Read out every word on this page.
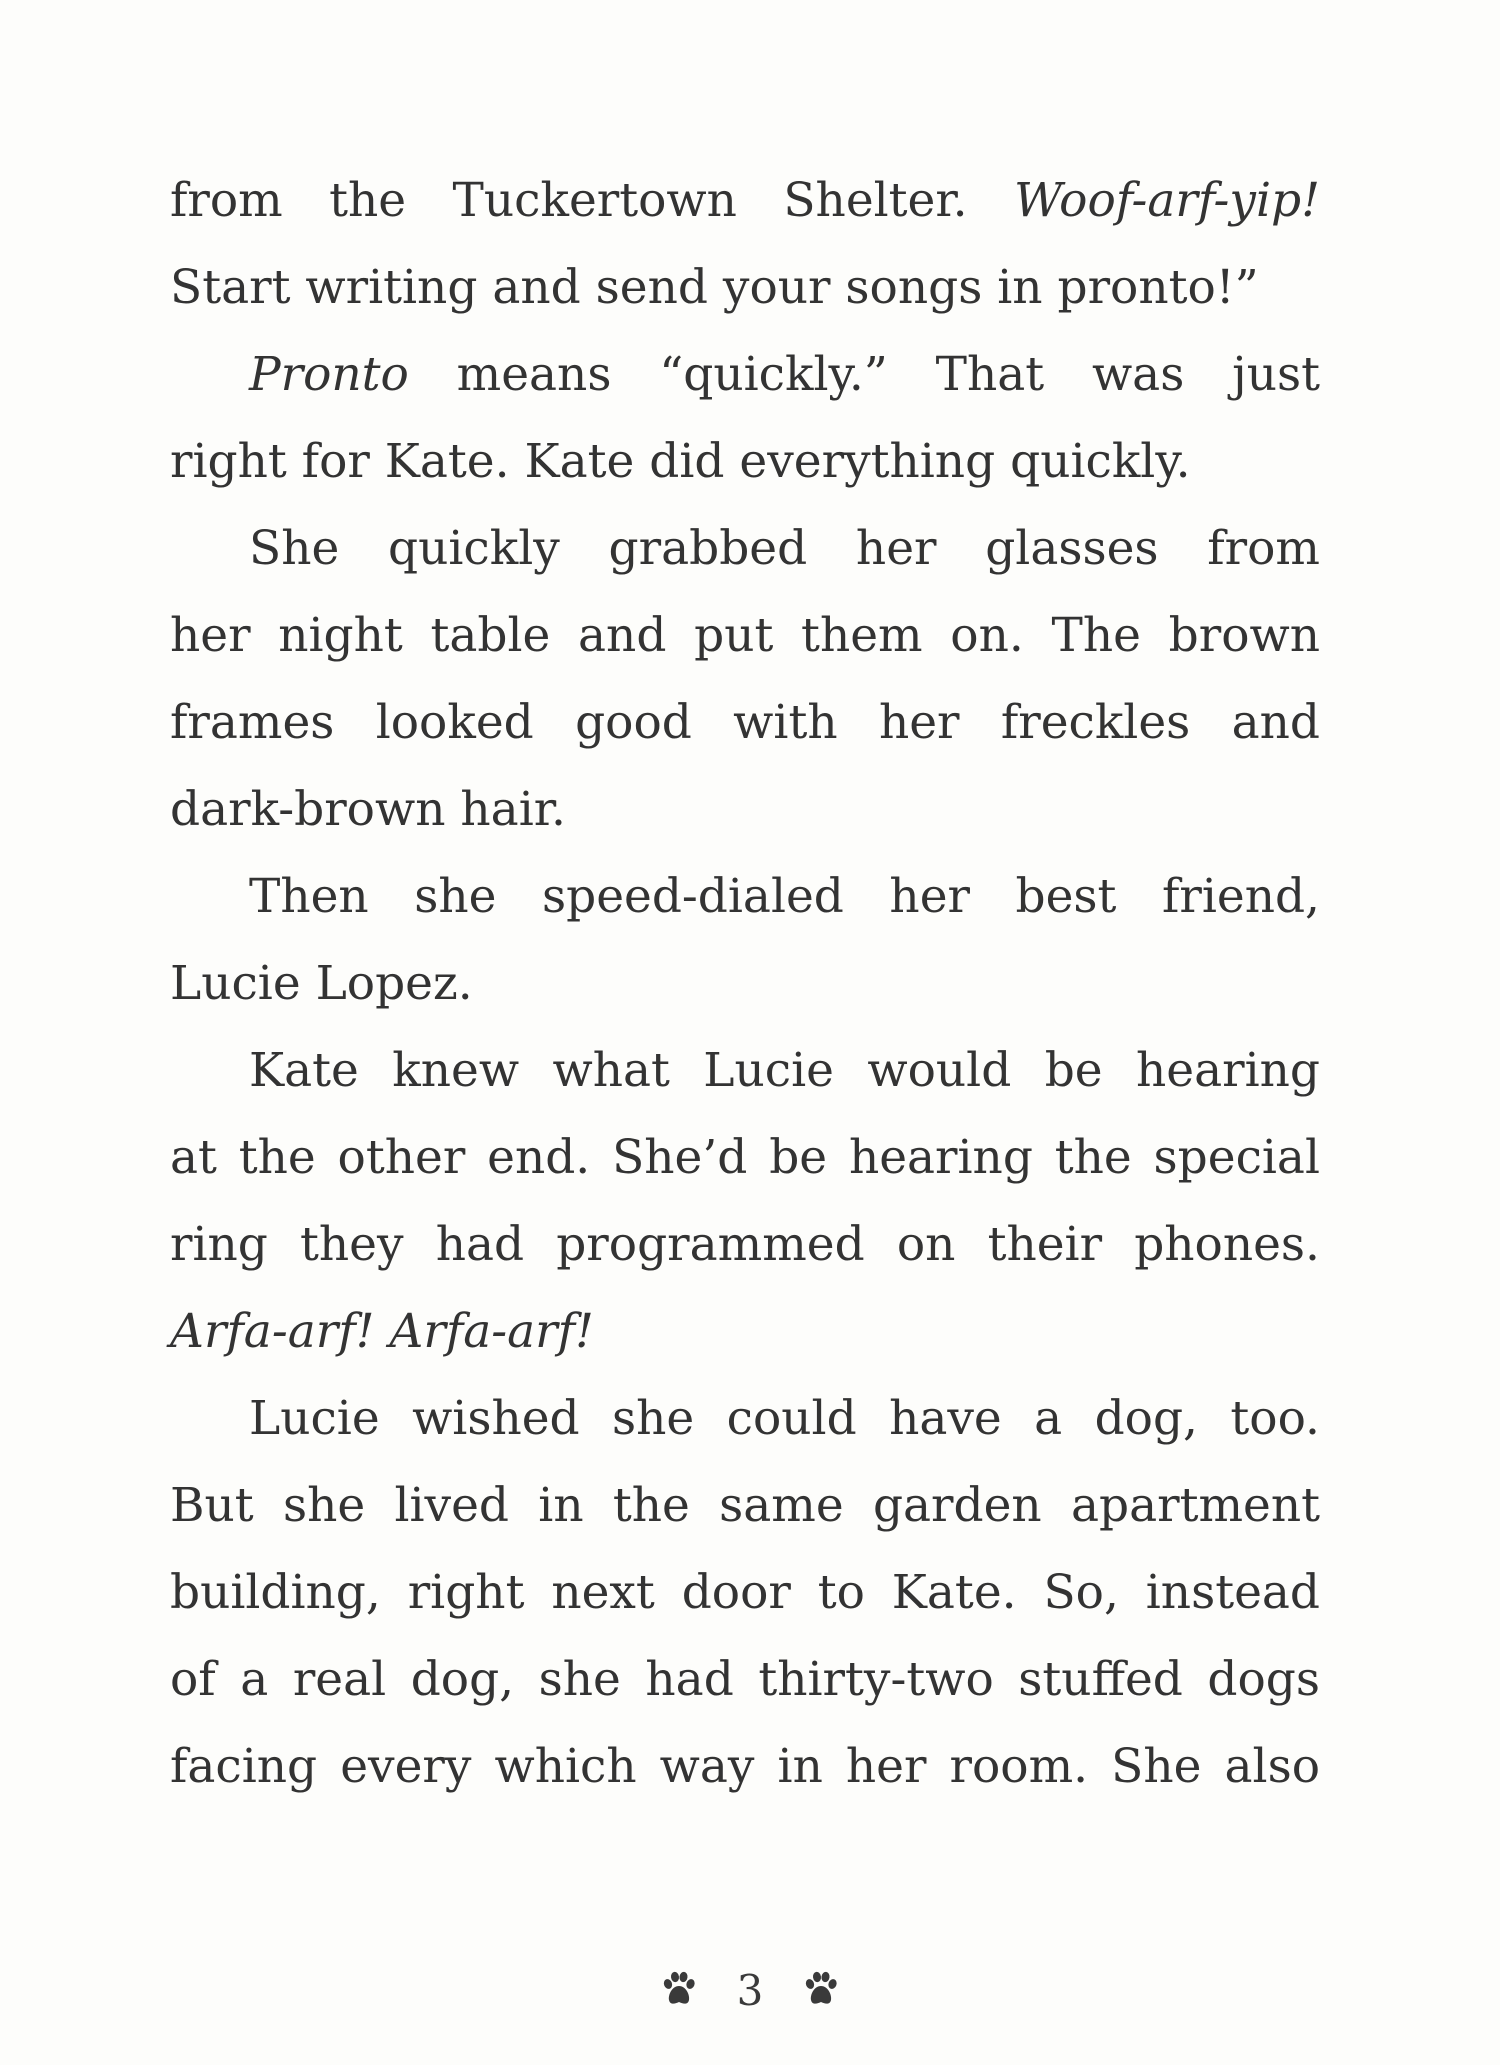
from the Tuckertown Shelter. Woof-arf-yip!
Start writing and send your songs in pronto!”
Pronto means “quickly.” That was just
right for Kate. Kate did everything quickly.
She quickly grabbed her glasses from
her night table and put them on. The brown
frames looked good with her freckles and
dark-brown hair.
Then she speed-dialed her best friend,
Lucie Lopez.
Kate knew what Lucie would be hearing
at the other end. She’d be hearing the special
ring they had programmed on their phones.
Arfa-arf! Arfa-arf!
Lucie wished she could have a dog, too.
But she lived in the same garden apartment
building, right next door to Kate. So, instead
of a real dog, she had thirty-two stuffed dogs
facing every which way in her room. She also
3
